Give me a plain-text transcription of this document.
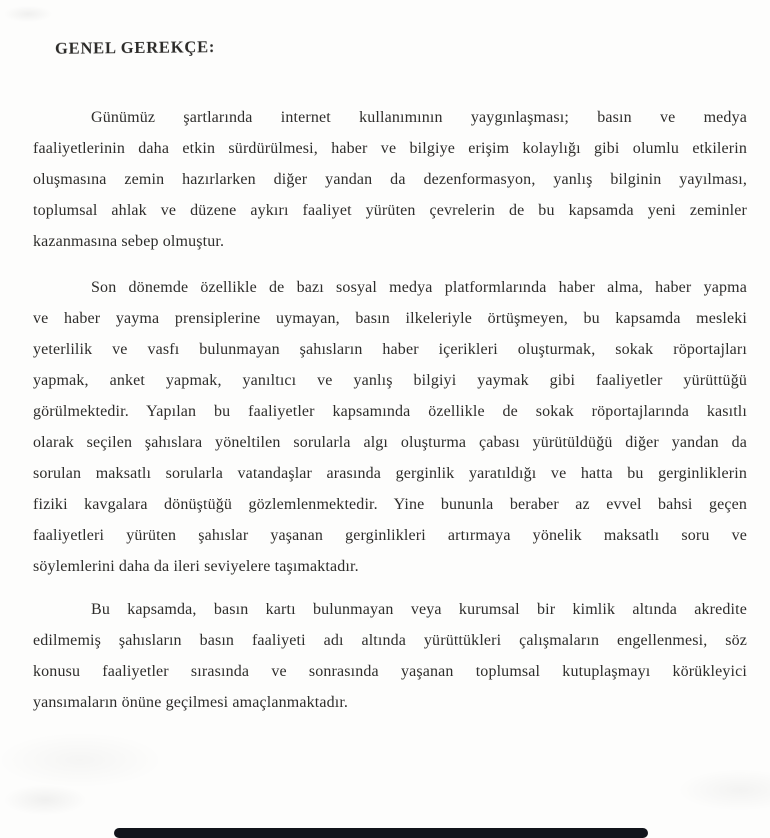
GENEL GEREKÇE:
Günümüz şartlarında internet kullanımının yaygınlaşması; basın ve medya
faaliyetlerinin daha etkin sürdürülmesi, haber ve bilgiye erişim kolaylığı gibi olumlu etkilerin
oluşmasına zemin hazırlarken diğer yandan da dezenformasyon, yanlış bilginin yayılması,
toplumsal ahlak ve düzene aykırı faaliyet yürüten çevrelerin de bu kapsamda yeni zeminler
kazanmasına sebep olmuştur.
Son dönemde özellikle de bazı sosyal medya platformlarında haber alma, haber yapma
ve haber yayma prensiplerine uymayan, basın ilkeleriyle örtüşmeyen, bu kapsamda mesleki
yeterlilik ve vasfı bulunmayan şahısların haber içerikleri oluşturmak, sokak röportajları
yapmak, anket yapmak, yanıltıcı ve yanlış bilgiyi yaymak gibi faaliyetler yürüttüğü
görülmektedir. Yapılan bu faaliyetler kapsamında özellikle de sokak röportajlarında kasıtlı
olarak seçilen şahıslara yöneltilen sorularla algı oluşturma çabası yürütüldüğü diğer yandan da
sorulan maksatlı sorularla vatandaşlar arasında gerginlik yaratıldığı ve hatta bu gerginliklerin
fiziki kavgalara dönüştüğü gözlemlenmektedir. Yine bununla beraber az evvel bahsi geçen
faaliyetleri yürüten şahıslar yaşanan gerginlikleri artırmaya yönelik maksatlı soru ve
söylemlerini daha da ileri seviyelere taşımaktadır.
Bu kapsamda, basın kartı bulunmayan veya kurumsal bir kimlik altında akredite
edilmemiş şahısların basın faaliyeti adı altında yürüttükleri çalışmaların engellenmesi, söz
konusu faaliyetler sırasında ve sonrasında yaşanan toplumsal kutuplaşmayı körükleyici
yansımaların önüne geçilmesi amaçlanmaktadır.
